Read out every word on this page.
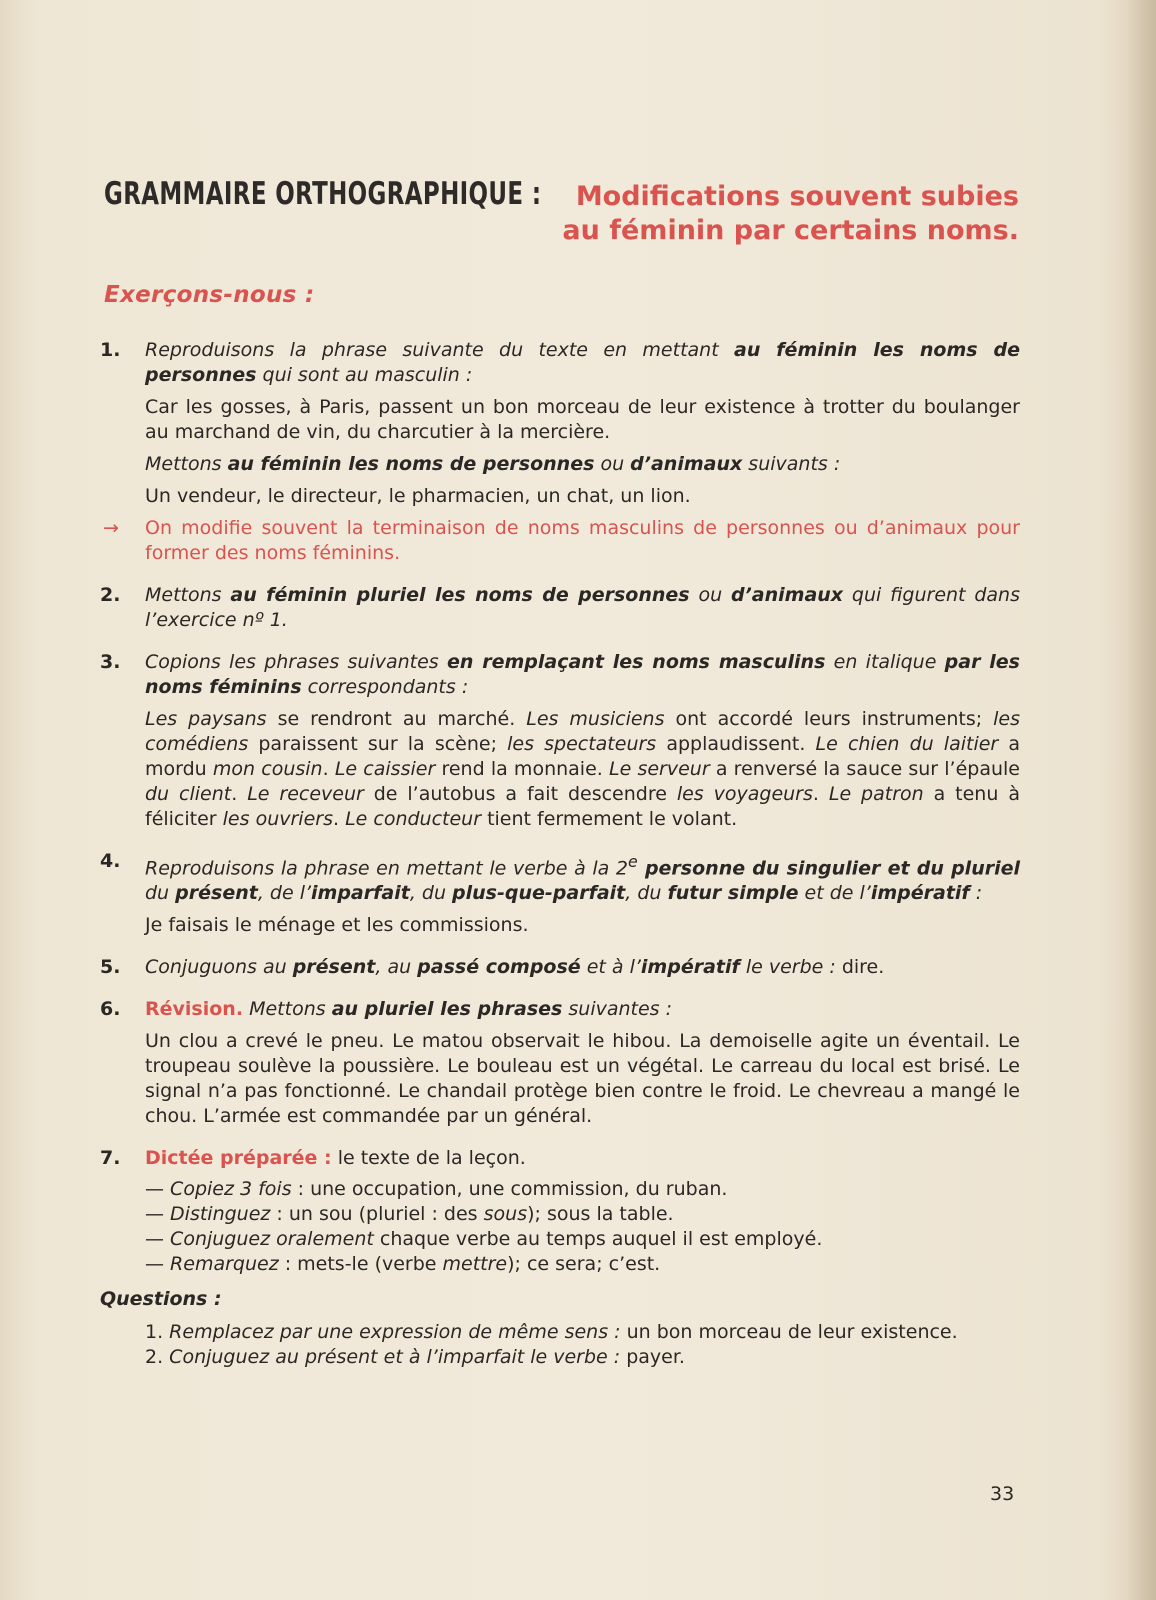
GRAMMAIRE ORTHOGRAPHIQUE :	Modifications souvent subies
au féminin par certains noms.
Exerçons-nous :
1. Reproduisons la phrase suivante du texte en mettant au féminin les noms de personnes qui sont au masculin :

Car les gosses, à Paris, passent un bon morceau de leur existence à trotter du boulanger au marchand de vin, du charcutier à la mercière.

Mettons au féminin les noms de personnes ou d’animaux suivants :

Un vendeur, le directeur, le pharmacien, un chat, un lion.

→ On modifie souvent la terminaison de noms masculins de personnes ou d’animaux pour former des noms féminins.

2. Mettons au féminin pluriel les noms de personnes ou d’animaux qui figurent dans l’exercice nº 1.

3. Copions les phrases suivantes en remplaçant les noms masculins en italique par les noms féminins correspondants :

Les paysans se rendront au marché. Les musiciens ont accordé leurs instruments; les comédiens paraissent sur la scène; les spectateurs applaudissent. Le chien du laitier a mordu mon cousin. Le caissier rend la monnaie. Le serveur a renversé la sauce sur l’épaule du client. Le receveur de l’autobus a fait descendre les voyageurs. Le patron a tenu à féliciter les ouvriers. Le conducteur tient fermement le volant.

4. Reproduisons la phrase en mettant le verbe à la 2e personne du singulier et du pluriel du présent, de l’imparfait, du plus-que-parfait, du futur simple et de l’impératif :

Je faisais le ménage et les commissions.

5. Conjuguons au présent, au passé composé et à l’impératif le verbe : dire.

6. Révision. Mettons au pluriel les phrases suivantes :

Un clou a crevé le pneu. Le matou observait le hibou. La demoiselle agite un éventail. Le troupeau soulève la poussière. Le bouleau est un végétal. Le carreau du local est brisé. Le signal n’a pas fonctionné. Le chandail protège bien contre le froid. Le chevreau a mangé le chou. L’armée est commandée par un général.

7. Dictée préparée : le texte de la leçon.

— Copiez 3 fois : une occupation, une commission, du ruban.
— Distinguez : un sou (pluriel : des sous); sous la table.
— Conjuguez oralement chaque verbe au temps auquel il est employé.
— Remarquez : mets-le (verbe mettre); ce sera; c’est.
Questions :
1. Remplacez par une expression de même sens : un bon morceau de leur existence.
2. Conjuguez au présent et à l’imparfait le verbe : payer.
33
